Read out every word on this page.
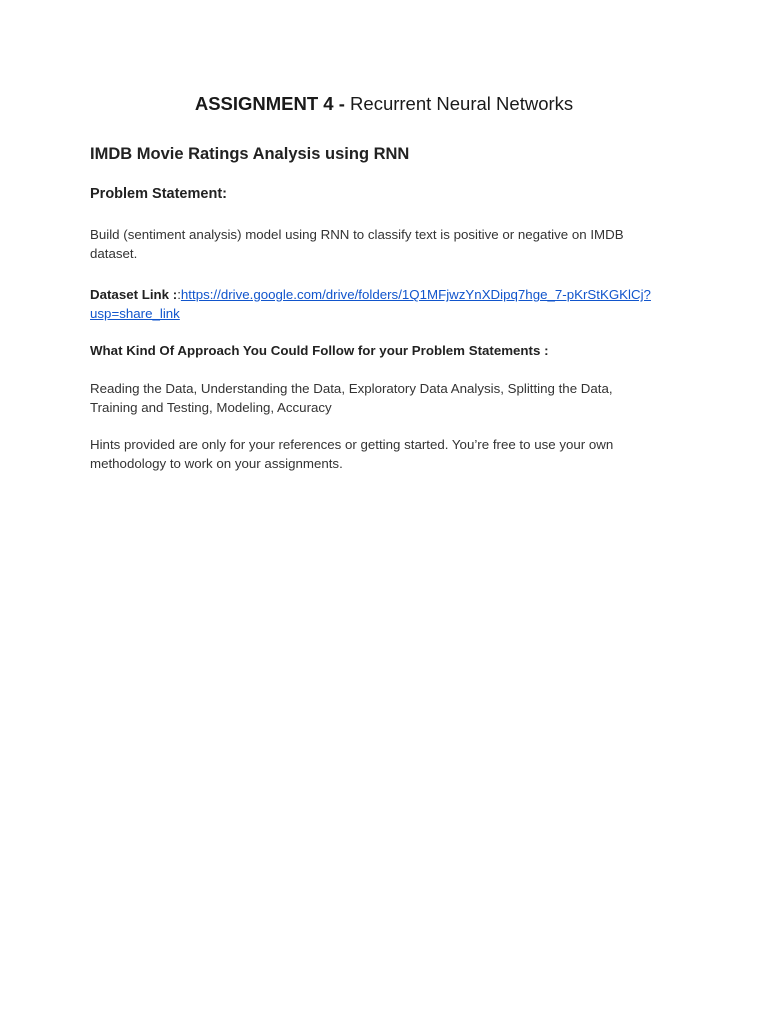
ASSIGNMENT 4 - Recurrent Neural Networks
IMDB Movie Ratings Analysis using RNN
Problem Statement:
Build (sentiment analysis) model using RNN to classify text is positive or negative on IMDB
dataset.
Dataset Link ::https://drive.google.com/drive/folders/1Q1MFjwzYnXDipq7hge_7-pKrStKGKlCj?
usp=share_link
What Kind Of Approach You Could Follow for your Problem Statements :
Reading the Data, Understanding the Data, Exploratory Data Analysis, Splitting the Data,
Training and Testing, Modeling, Accuracy
Hints provided are only for your references or getting started. You’re free to use your own
methodology to work on your assignments.
